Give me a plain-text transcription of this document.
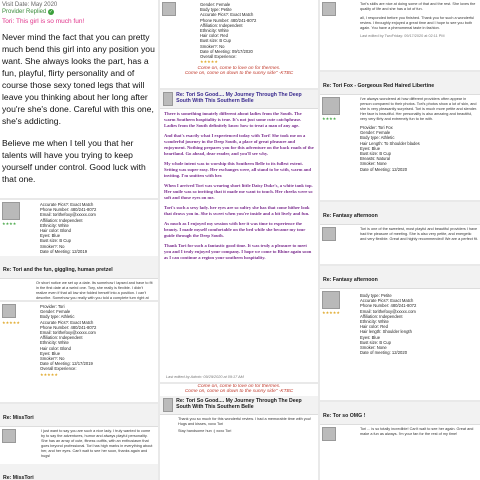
Visit Date: May 2020
Provider Replied ✓
Tori: This girl is so much fun!

Never mind the fact that you can pretty much bend this girl into any position you want. She always looks the part, has a fun, playful, flirty personality and of course those sexy toned legs that will leave you thinking about her long after you're she's done. Careful with this one, she's addicting.

Believe me when I tell you that her talents will have you trying to keep yourself under control. Good luck with that one.

★★★★
Accurate Pics?: Exact Match
Phone Number: 480/241-8072
Email: torithefoxy@xxxxx.com
Affiliation: Independent
Ethnicity: White
Hair color: Blond
Eyes: Blue
Bust size: B Cup
Smoker?: No
Date of Meeting: 12/2019
Re: Tori and the fun, giggling, human pretzel
Or short notice we set up a date. Its somehow I lapsed and have to fit in the first date at a weird one. Tory, she really is flexible. I didn't realize even if that all low she folded herself into a position. I can't describe. Somehow you really with you told a complete turn right at
★★★★★
Provider: Tori
Gender: Female
Body type: Athletic
Accurate Pics?: Exact Match
Phone Number: 480/241-8072
Email: torithefoxy@xxxxx.com
Affiliation: Independent
Ethnicity: White
Hair color: Blond
Eyes: Blue
Smoker?: No
Date of Meeting: 12/17/2019
Overall Experience:
★★★★★
Re: MissTori
I just want to say you are such a nice lady. I truly wanted to come by to say the adventures, humor and always playful personality. She has an array of cute, fitness outfits, with an enthusiasm that goes beyond professional. Tori has high marks in everything about her, and her eyes. Can't wait to see her soon, thanks again and hugs!
Re: MissTori
Gender: Female
Body type: Petite
Accurate Pics?: Exact Match
Phone Number: 480/241-8072
Affiliation: Independent
Ethnicity: White
Hair color: Red
Bust size: B Cup
Smoker?: No
Date of Meeting: 09/17/2020
Overall Experience:
★★★★★
Come on, come to love on for thermes.
Come on, come on down to the sunny side" -KTBC
Re: Tori So Good.... My Journey Through The Deep South With This Southern Belle

There is something innately different about ladies from the South. The warm Southern hospitality is true. It's not just some cute catchphrase. Ladies from the South definitely know how to treat a man of any age.

And that's exactly what I experienced today with Tori! She took me on a wonderful journey in the Deep South, a place of great pleasure and enjoyment. Nothing prepares you for this adventure on the back roads of the heartland. Go ahead, dear reader, and you'll see why.

My whole intent was to worship this Southern Belle to its fullest extent. Setting was super easy. Her exchanges were, all stand to be with, warm and inviting. I'm smitten with her.

When I arrived Tori was wearing short little Daisy Duke's, a white tank top. Her smile was so inviting that it made me want to touch. Her cheeks were so soft and those eyes on me.

Tori's such a sexy lady. her eyes are so sultry she has that come hither look that draws you in. She is sweet when you're inside and a bit lively and fun.

As much as I enjoyed my session with her it was time to experience the beauty. I made myself comfortable on the bed while she became my tour guide through the Deep South.

Thank Tori for such a fantastic good time. It was truly a pleasure to meet you and I truly enjoyed your company. I hope we come to Rhine again soon as I can continue a region your southern hospitality.

Last edited by Admin: 09/29/2020 at 09:17 AM
Come on, come to love on for thermes.
Come on, come on down to the sunny side" -KTBC
Re: Tori So Good.... My Journey Through The Deep South With This Southern Belle
Thank you so much for this wonderful review. I had a memorable time with you! Hugs and kisses, xoxo Tori
Stay handsome hun :) xoxo Tori
Tori's skills are nice at doing some of that and the rest. She loves the quality of life and she has a lot of fun.
all, I responded before you finished. Thank you for such a wonderful review. I throughly enjoyed a great time and I hope to see you both again. You have a phenomenal taste in fashion.
Last edited by TwoFriday: 09/17/2020 at 02:11 PM
Re: Tori Fox - Gorgeous Red Haired Libertine
★★★★
I've always wondered at how different providers often appear in person compared to their photos. Tori's photos show a lot of skin, and she is very pleasantly surprised. Tori is much more petite and slender. Her face is beautiful. Her personality is also amazing and beautiful, very very flirty and extremely fun to be with.
Provider: Tori Fox
Gender: Female
Body type: Athletic
Hair Length: To Shoulder blades
Eyes: Blue
Bust size: B Cup
Breasts: Natural
Smoker: None
Date of Meeting: 12/2020
Re: Fantasy afternoon
Tori is one of the sweetest, most playful and beautiful providers I have had the pleasure of meeting. She is also very petite, and energetic and very flexible. Great and highly recommended! We are a perfect fit.
Re: Fantasy afternoon
★★★★★
Body type: Petite
Accurate Pics?: Exact Match
Phone Number: 480/241-8072
Email: torithefoxy@xxxxx.com
Affiliation: Independent
Ethnicity: White
Hair color: Red
Hair length: Shoulder length
Eyes: Blue
Bust size: B Cup
Smoker: None
Date of meeting: 12/2020
Re: Tor so OMG !
Tori ... is so totally incredible! Can't wait to see her again. Great and make a fun as always. I'm your fan for the rest of my time!
